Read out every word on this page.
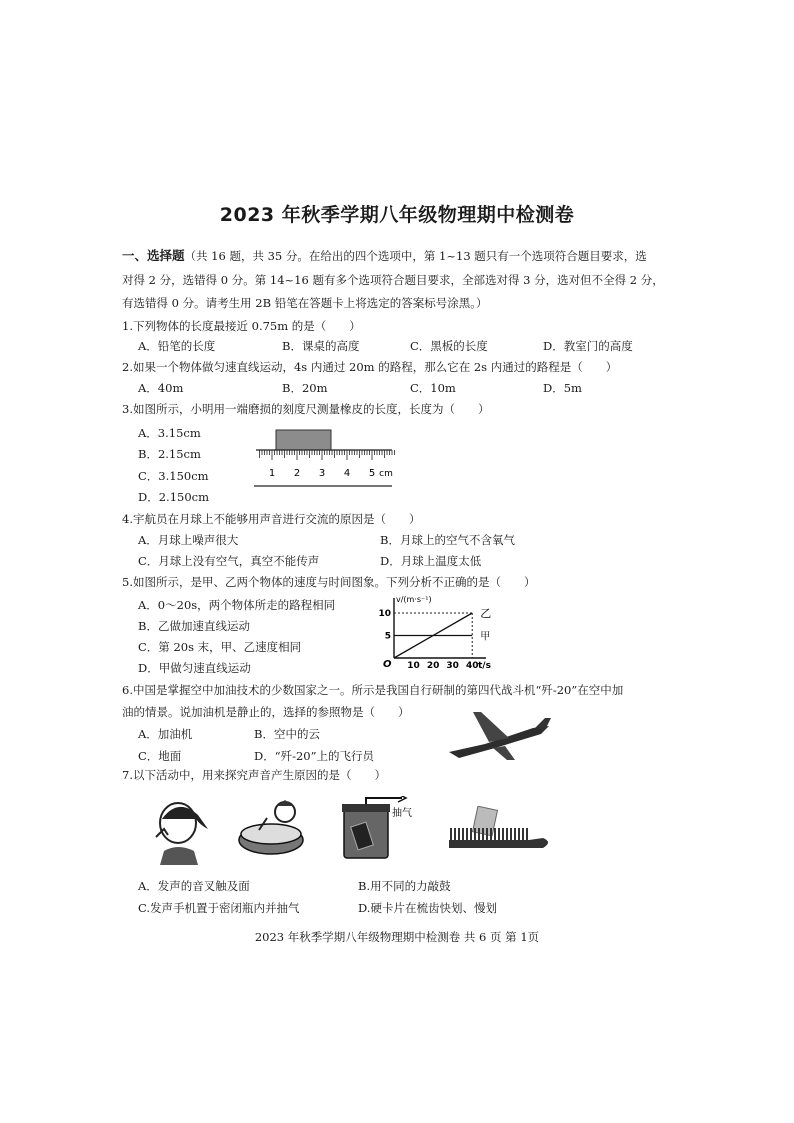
2023 年秋季学期八年级物理期中检测卷
一、选择题（共 16 题，共 35 分。在给出的四个选项中，第 1~13 题只有一个选项符合题目要求，选
对得 2 分，选错得 0 分。第 14~16 题有多个选项符合题目要求，全部选对得 3 分，选对但不全得 2 分，
有选错得 0 分。请考生用 2B 铅笔在答题卡上将选定的答案标号涂黑。）
1.下列物体的长度最接近 0.75m 的是（　　）
A．铅笔的长度	B．课桌的高度	C．黑板的长度	D．教室门的高度
2.如果一个物体做匀速直线运动，4s 内通过 20m 的路程，那么它在 2s 内通过的路程是（　　）
A．40m	B．20m	C．10m	D．5m
3.如图所示，小明用一端磨损的刻度尺测量橡皮的长度，长度为（　　）
A．3.15cm
B．2.15cm
C．3.150cm
D．2.150cm
1 2 3 4 5 cm
4.宇航员在月球上不能够用声音进行交流的原因是（　　）
A．月球上噪声很大	B．月球上的空气不含氧气
C．月球上没有空气，真空不能传声	D．月球上温度太低
5.如图所示，是甲、乙两个物体的速度与时间图象。下列分析不正确的是（　　）
A．0～20s，两个物体所走的路程相同
B．乙做加速直线运动
C．第 20s 末，甲、乙速度相同
D．甲做匀速直线运动
v/(m·s⁻¹)
t/s
O 10 20 30 40
5
10	乙
甲
6.中国是掌握空中加油技术的少数国家之一。所示是我国自行研制的第四代战斗机“歼-20”在空中加
油的情景。说加油机是静止的，选择的参照物是（　　）
A．加油机	B．空中的云
C．地面	D．“歼-20”上的飞行员
7.以下活动中，用来探究声音产生原因的是（　　）
抽气
A．发声的音叉触及面	B.用不同的力敲鼓
C.发声手机置于密闭瓶内并抽气	D.硬卡片在梳齿快划、慢划
2023 年秋季学期八年级物理期中检测卷 共 6 页 第 1页
